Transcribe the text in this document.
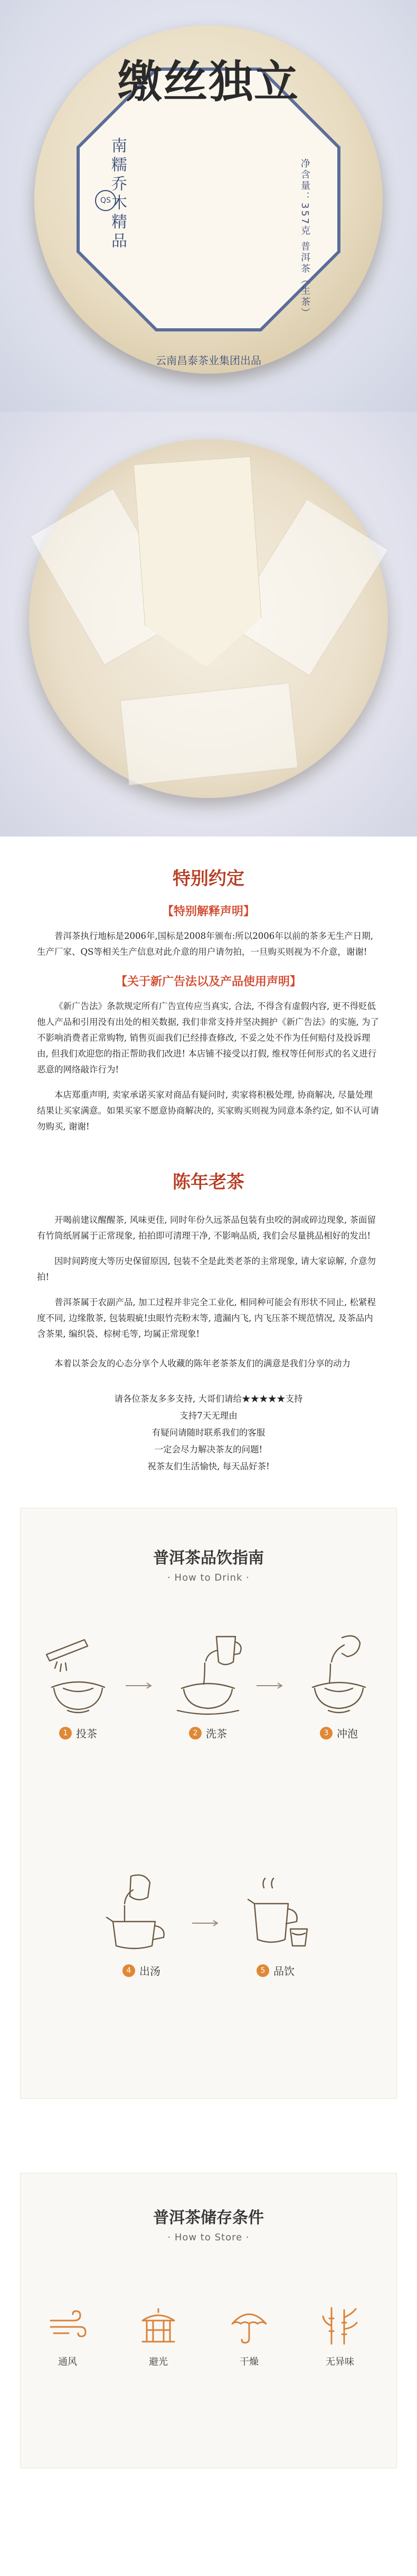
缴丝独立
南糯乔木精品	净含量：357克 普洱茶（生茶）
QS
云南昌泰茶业集团出品
特别约定
【特别解释声明】

普洱茶执行地标是2006年,国标是2008年颁布:所以2006年以前的茶多无生产日期, 生产厂家、QS等相关生产信息对此介意的用户请勿拍，一旦购买则视为不介意，谢谢!

【关于新广告法以及产品使用声明】

《新广告法》条款规定所有广告宣传应当真实, 合法, 不得含有虚假内容, 更不得贬低他人产品和引用没有出处的相关数据, 我们非常支持并坚决拥护《新广告法》的实施, 为了不影响消费者正常购物, 销售页面我们已经排查修改, 不妥之处不作为任何赔付及投诉理由, 但我们欢迎您的指正帮助我们改进! 本店铺不接受以打假, 维权等任何形式的名义进行恶意的网络敲诈行为!

本店郑重声明, 卖家承诺买家对商品有疑问时, 卖家将积极处理, 协商解决, 尽量处理结果让买家满意。如果买家不愿意协商解决的, 买家购买则视为同意本条约定, 如不认可请勿购买, 谢谢!

陈年老茶

开喝前建议醒醒茶, 风味更佳, 同时年份久远茶品包装有虫咬的洞或碎边现象, 茶面留有竹筒纸屑属于正常现象, 拍拍即可清理干净, 不影响品质, 我们会尽量挑品相好的发出!

因时间跨度大等历史保留原因, 包装不全是此类老茶的主常现象, 请大家谅解, 介意勿拍!

普洱茶属于农副产品, 加工过程并非完全工业化, 相同种可能会有形状不同止, 松紧程度不同, 边缘散茶, 包装瑕疵!虫眼竹壳粉末等, 遗漏内飞, 内飞压茶不规范情况, 及茶品内含茶果, 编织袋、棕树毛等, 均属正常现象!

本着以茶会友的心态分享个人收藏的陈年老茶茶友们的满意是我们分享的动力

请各位茶友多多支持, 大哥们请给★★★★★支持
支持7天无理由
有疑问请随时联系我们的客服
一定会尽力解决茶友的问题!
祝茶友们生活愉快, 每天品好茶!
普洱茶品饮指南
· How to Drink ·
1 投茶	2 洗茶	3 冲泡
4 出汤	5 品饮
普洱茶储存条件
· How to Store ·
通风	避光	干燥	无异味
